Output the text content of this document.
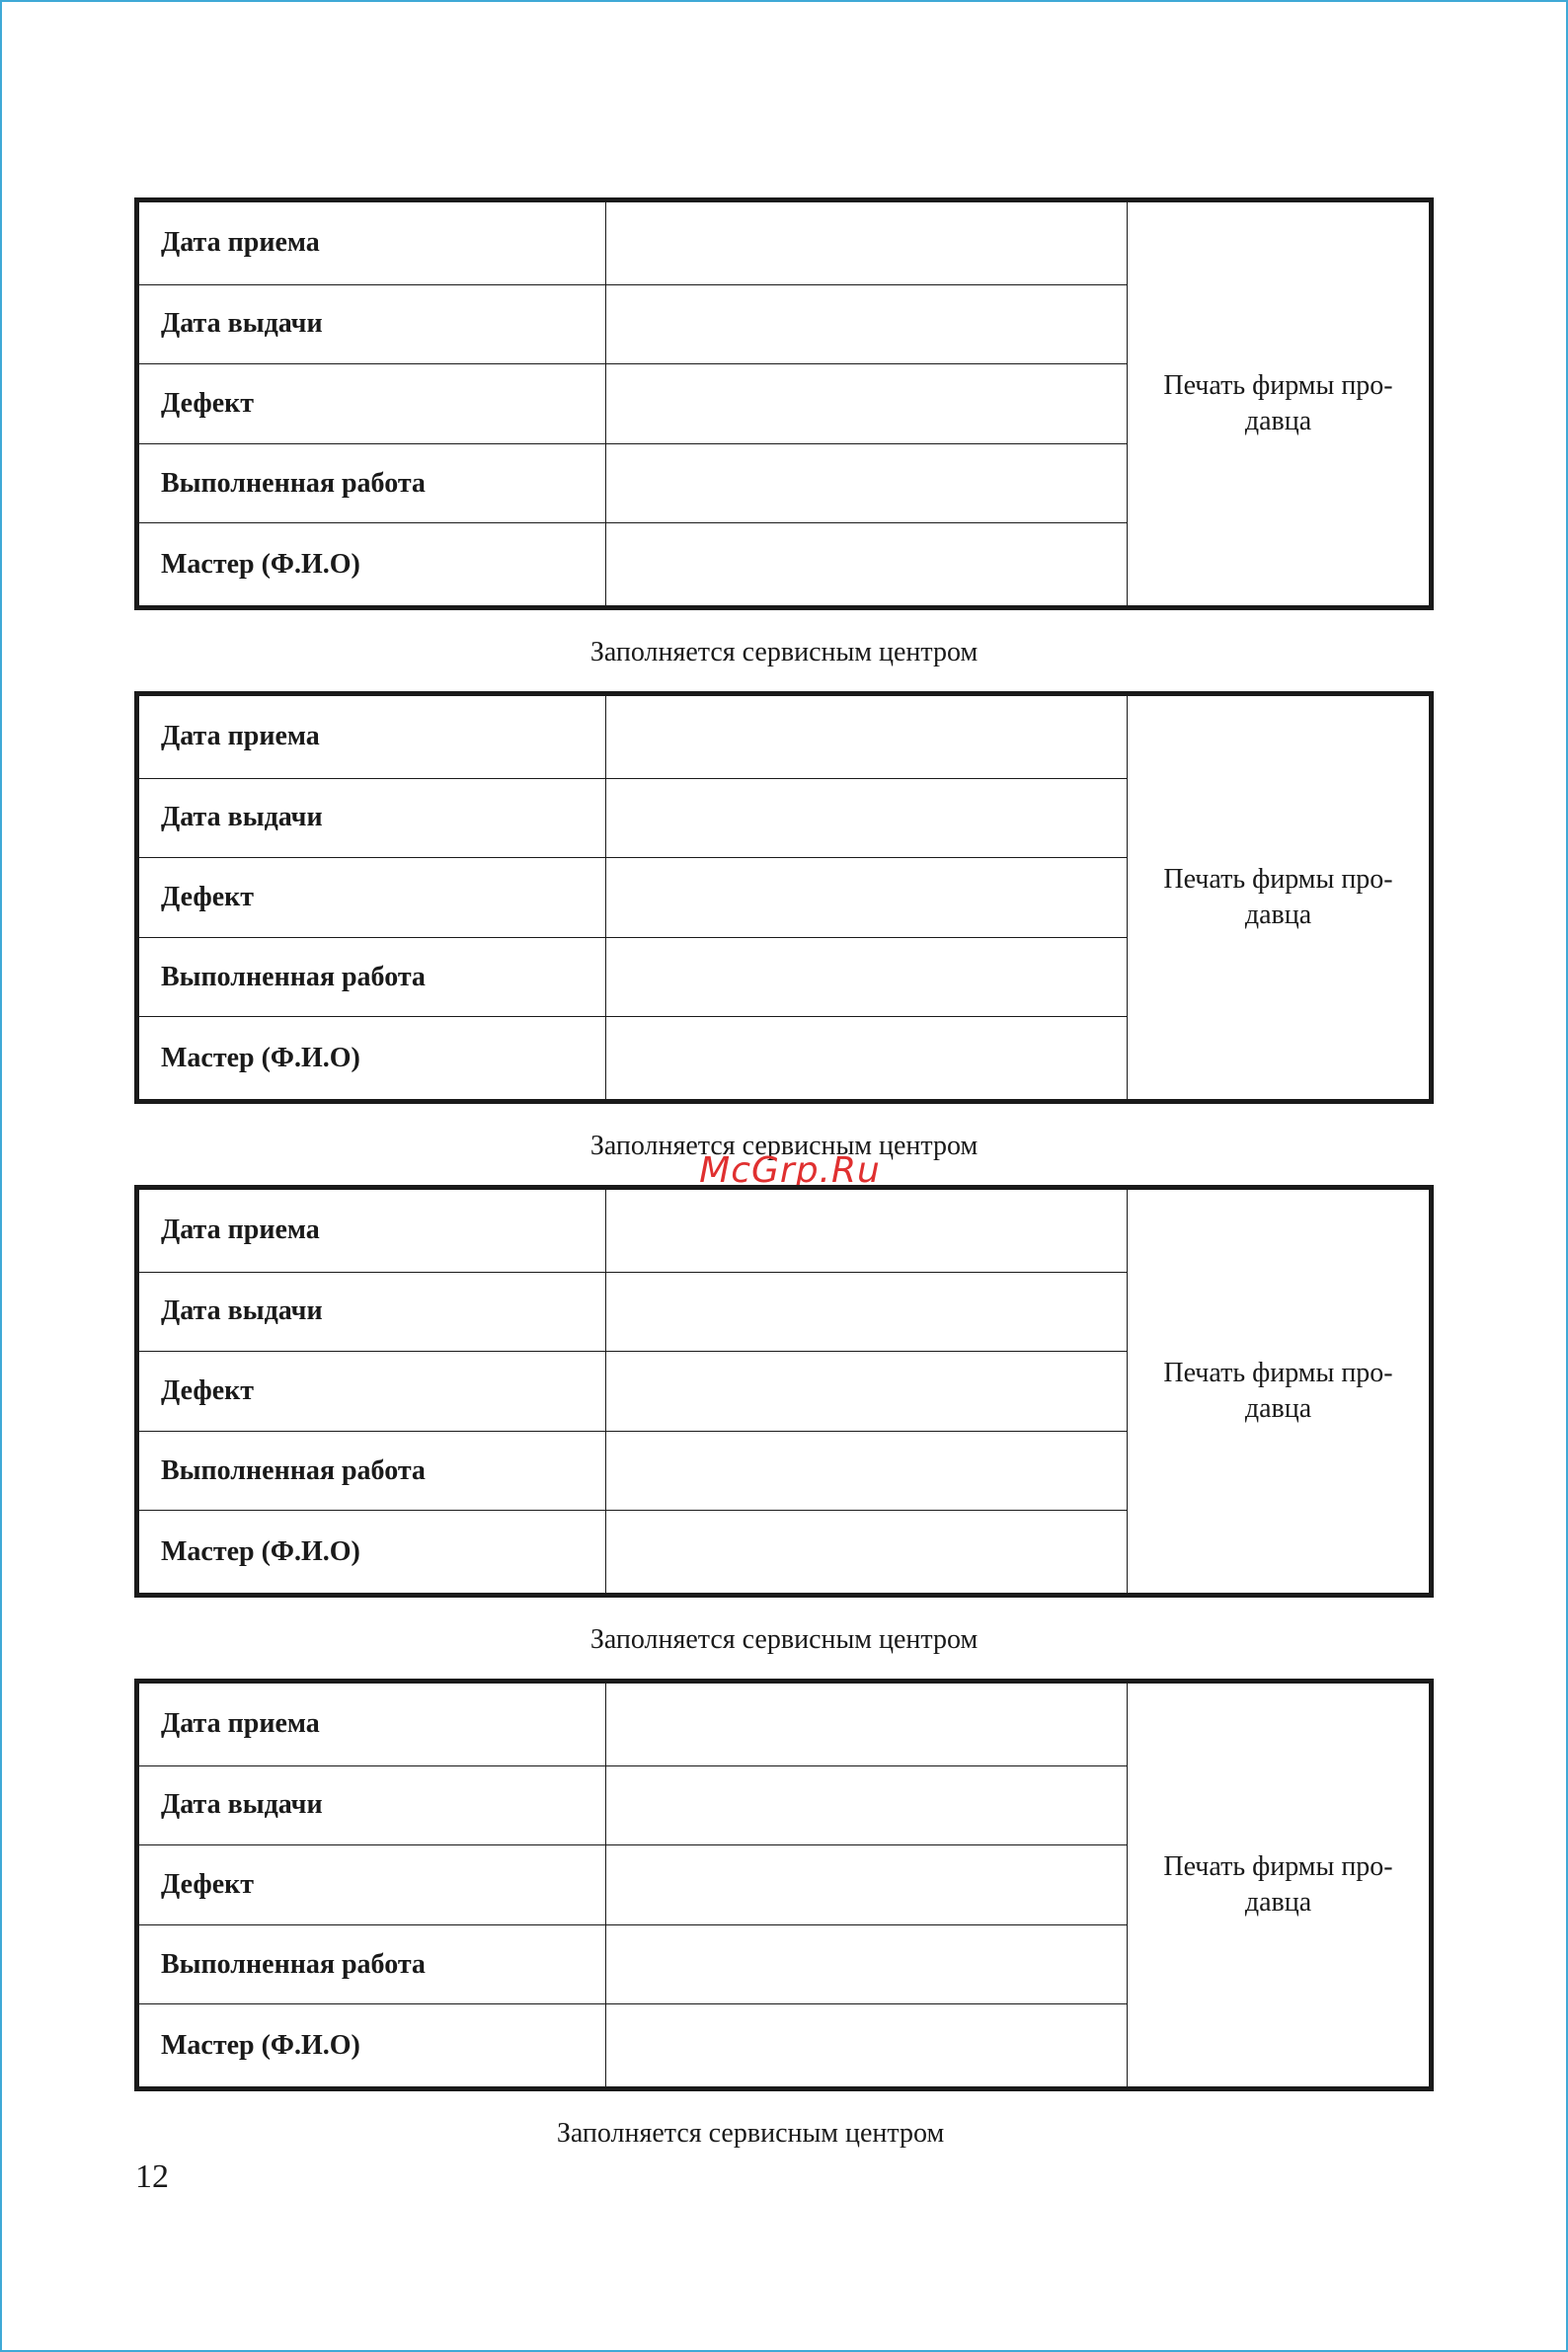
Дата приема		Печать фирмы про-
давца
Дата выдачи		
Дефект		
Выполненная работа		
Мастер (Ф.И.О)		
Заполняется сервисным центром
Дата приема		Печать фирмы про-
давца
Дата выдачи		
Дефект		
Выполненная работа		
Мастер (Ф.И.О)		
Заполняется сервисным центром
McGrp.Ru
Дата приема		Печать фирмы про-
давца
Дата выдачи		
Дефект		
Выполненная работа		
Мастер (Ф.И.О)		
Заполняется сервисным центром
Дата приема		Печать фирмы про-
давца
Дата выдачи		
Дефект		
Выполненная работа		
Мастер (Ф.И.О)		
Заполняется сервисным центром
12
